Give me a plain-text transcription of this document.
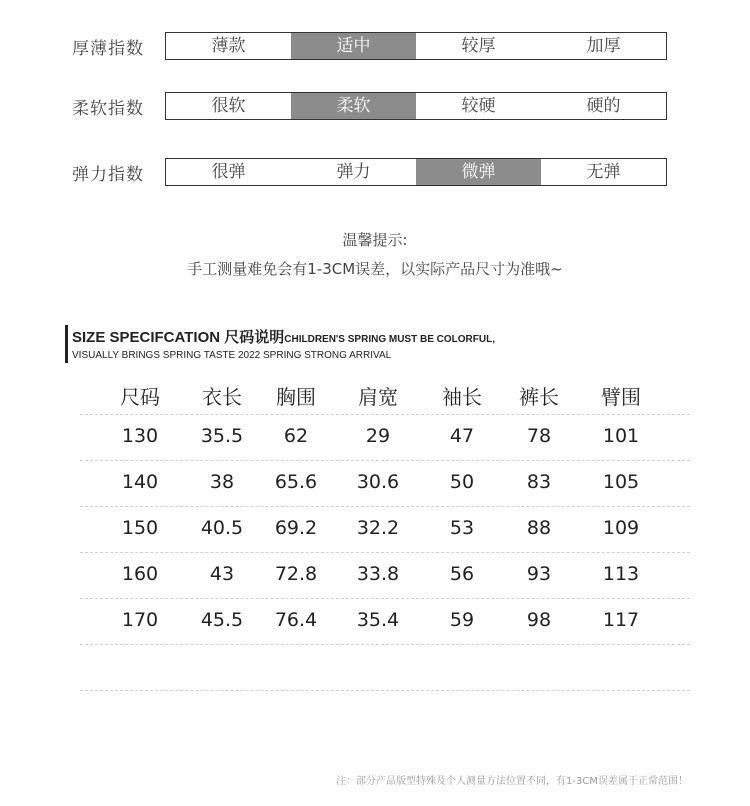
厚薄指数	薄款	适中	较厚	加厚
柔软指数	很软	柔软	较硬	硬的
弹力指数	很弹	弹力	微弹	无弹
温馨提示:
手工测量难免会有1-3CM误差，以实际产品尺寸为准哦~
SIZE SPECIFCATION 尺码说明CHILDREN'S SPRING MUST BE COLORFUL,
VISUALLY BRINGS SPRING TASTE 2022 SPRING STRONG ARRIVAL
尺码	衣长	胸围	肩宽	袖长	裤长	臂围
130	35.5	62	29	47	78	101
140	38	65.6	30.6	50	83	105
150	40.5	69.2	32.2	53	88	109
160	43	72.8	33.8	56	93	113
170	45.5	76.4	35.4	59	98	117
注：部分产品版型特殊及个人测量方法位置不同，有1-3CM误差属于正常范围！
